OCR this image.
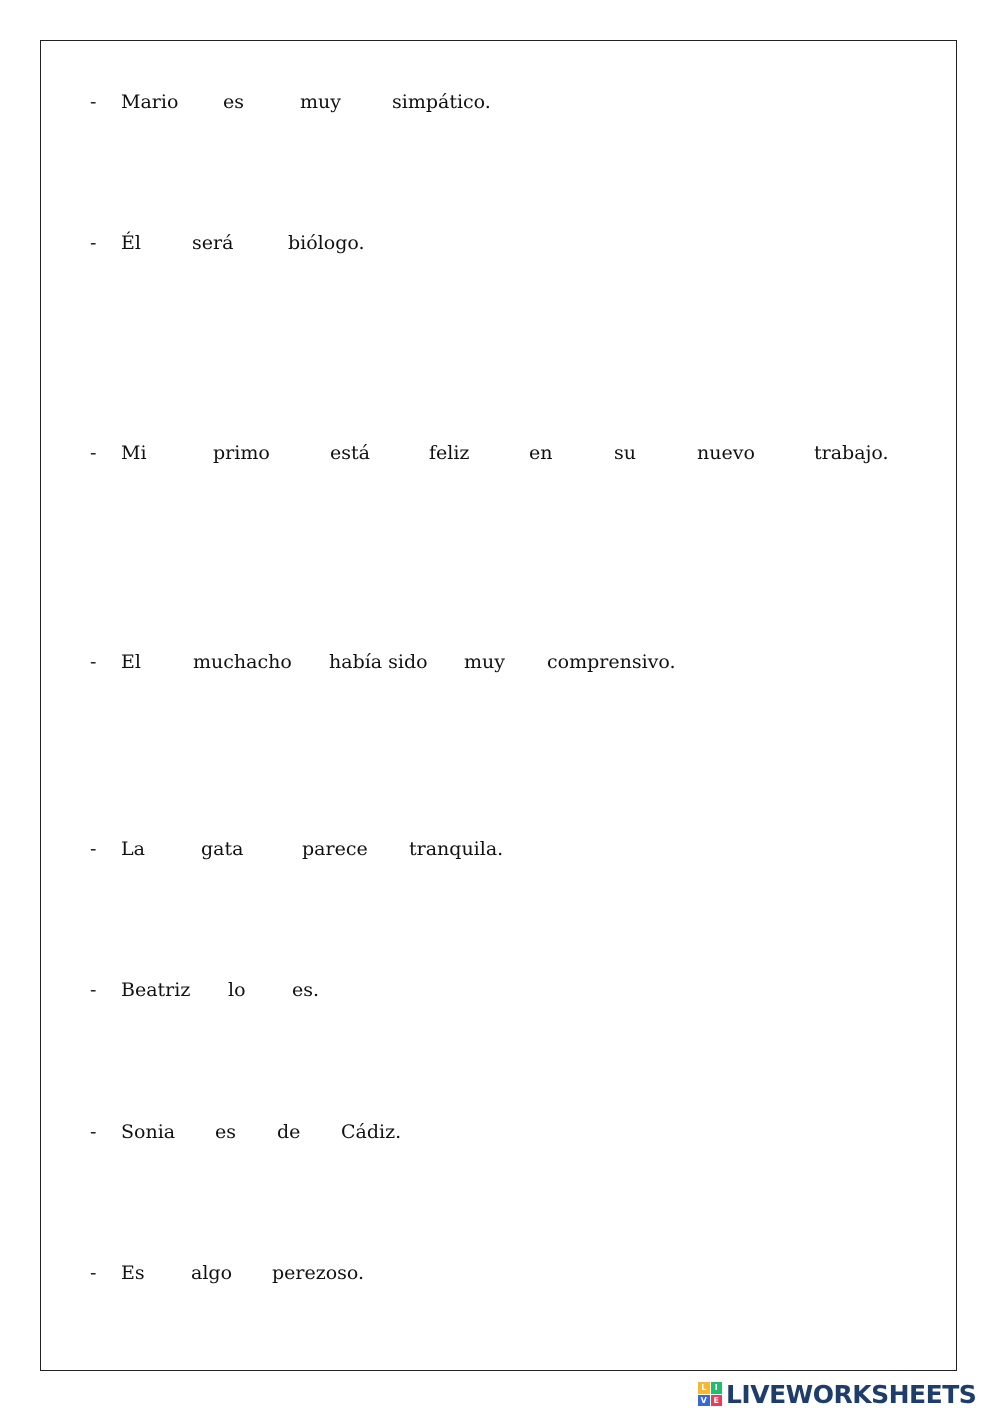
- Mario es	muy	simpático.
- Él	será	biólogo.
- Mi	primo	está	feliz	en	su	nuevo	trabajo.
- El	muchacho había sido muy comprensivo.
- La	gata	parece tranquila.
- Beatriz lo es.
- Sonia es de Cádiz.
- Es algo perezoso.
L	I
V E LIVEWORKSHEETS
